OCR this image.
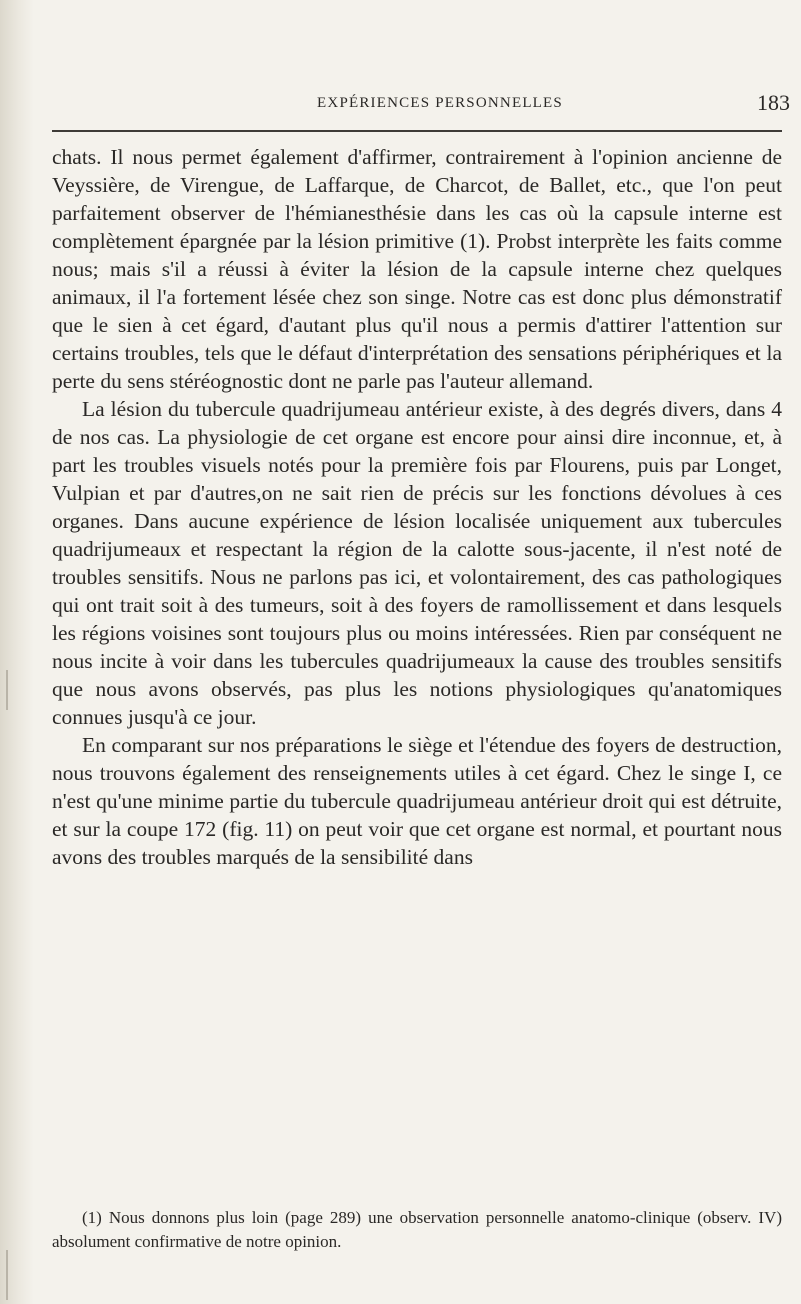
EXPÉRIENCES PERSONNELLES	183

chats. Il nous permet également d'affirmer, contrairement à l'opinion ancienne de Veyssière, de Virengue, de Laffarque, de Charcot, de Ballet, etc., que l'on peut parfaitement observer de l'hémianesthésie dans les cas où la capsule interne est complètement épargnée par la lésion primitive (1). Probst interprète les faits comme nous; mais s'il a réussi à éviter la lésion de la capsule interne chez quelques animaux, il l'a fortement lésée chez son singe. Notre cas est donc plus démonstratif que le sien à cet égard, d'autant plus qu'il nous a permis d'attirer l'attention sur certains troubles, tels que le défaut d'interprétation des sensations périphériques et la perte du sens stéréognostic dont ne parle pas l'auteur allemand.

La lésion du tubercule quadrijumeau antérieur existe, à des degrés divers, dans 4 de nos cas. La physiologie de cet organe est encore pour ainsi dire inconnue, et, à part les troubles visuels notés pour la première fois par Flourens, puis par Longet, Vulpian et par d'autres,on ne sait rien de précis sur les fonctions dévolues à ces organes. Dans aucune expérience de lésion localisée uniquement aux tubercules quadrijumeaux et respectant la région de la calotte sous-jacente, il n'est noté de troubles sensitifs. Nous ne parlons pas ici, et volontairement, des cas pathologiques qui ont trait soit à des tumeurs, soit à des foyers de ramollissement et dans lesquels les régions voisines sont toujours plus ou moins intéressées. Rien par conséquent ne nous incite à voir dans les tubercules quadrijumeaux la cause des troubles sensitifs que nous avons observés, pas plus les notions physiologiques qu'anatomiques connues jusqu'à ce jour.

En comparant sur nos préparations le siège et l'étendue des foyers de destruction, nous trouvons également des renseignements utiles à cet égard. Chez le singe I, ce n'est qu'une minime partie du tubercule quadrijumeau antérieur droit qui est détruite, et sur la coupe 172 (fig. 11) on peut voir que cet organe est normal, et pourtant nous avons des troubles marqués de la sensibilité dans

(1) Nous donnons plus loin (page 289) une observation personnelle anatomo-clinique (observ. IV) absolument confirmative de notre opinion.
